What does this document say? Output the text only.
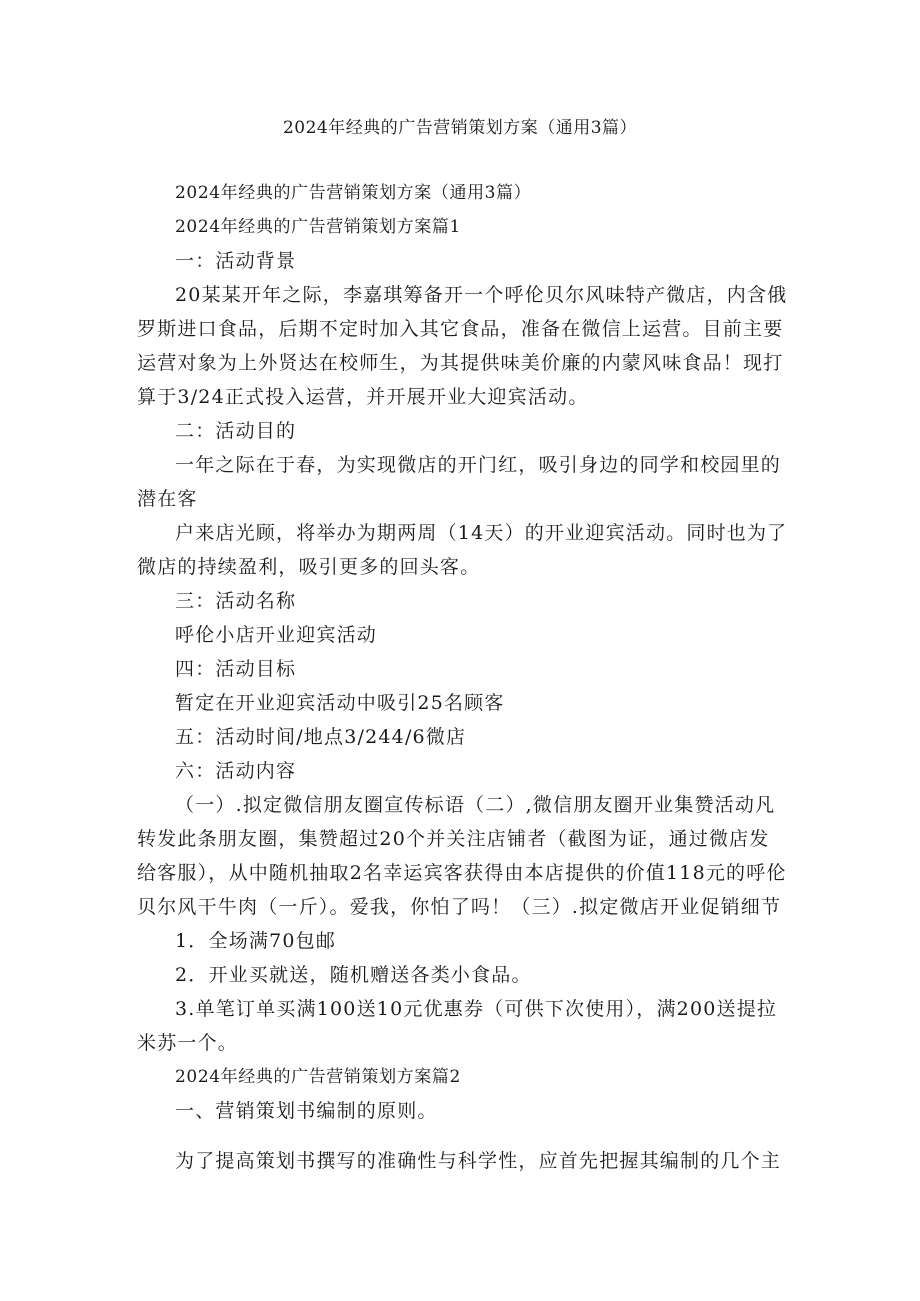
2024年经典的广告营销策划方案（通用3篇）

2024年经典的广告营销策划方案（通用3篇）

2024年经典的广告营销策划方案篇1

一：活动背景

20某某开年之际，李嘉琪筹备开一个呼伦贝尔风味特产微店，内含俄罗斯进口食品，后期不定时加入其它食品，准备在微信上运营。目前主要运营对象为上外贤达在校师生，为其提供味美价廉的内蒙风味食品！现打算于3/24正式投入运营，并开展开业大迎宾活动。

二：活动目的

一年之际在于春，为实现微店的开门红，吸引身边的同学和校园里的潜在客

户来店光顾，将举办为期两周（14天）的开业迎宾活动。同时也为了微店的持续盈利，吸引更多的回头客。

三：活动名称

呼伦小店开业迎宾活动

四：活动目标

暂定在开业迎宾活动中吸引25名顾客

五：活动时间/地点3/244/6微店

六：活动内容

（一）.拟定微信朋友圈宣传标语（二）,微信朋友圈开业集赞活动凡转发此条朋友圈，集赞超过20个并关注店铺者（截图为证，通过微店发给客服），从中随机抽取2名幸运宾客获得由本店提供的价值118元的呼伦贝尔风干牛肉（一斤）。爱我，你怕了吗！（三）.拟定微店开业促销细节

1．全场满70包邮

2．开业买就送，随机赠送各类小食品。

3.单笔订单买满100送10元优惠券（可供下次使用），满200送提拉米苏一个。

2024年经典的广告营销策划方案篇2

一、营销策划书编制的原则。

为了提高策划书撰写的准确性与科学性，应首先把握其编制的几个主
